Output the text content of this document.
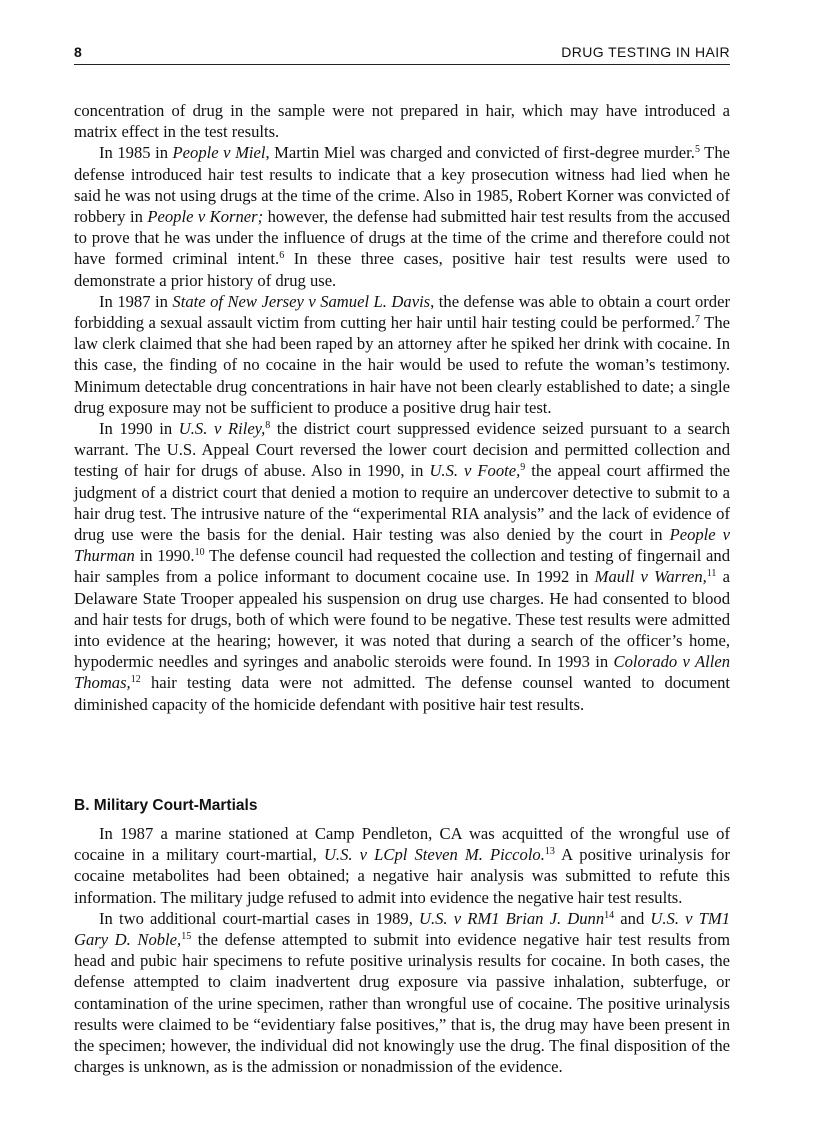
8	DRUG TESTING IN HAIR

concentration of drug in the sample were not prepared in hair, which may have introduced a matrix effect in the test results.

In 1985 in People v Miel, Martin Miel was charged and convicted of first-degree murder.$^5$ The defense introduced hair test results to indicate that a key prosecution witness had lied when he said he was not using drugs at the time of the crime. Also in 1985, Robert Korner was convicted of robbery in People v Korner; however, the defense had submitted hair test results from the accused to prove that he was under the influence of drugs at the time of the crime and therefore could not have formed criminal intent.$^6$ In these three cases, positive hair test results were used to demonstrate a prior history of drug use.

In 1987 in State of New Jersey v Samuel L. Davis, the defense was able to obtain a court order forbidding a sexual assault victim from cutting her hair until hair testing could be performed.$^7$ The law clerk claimed that she had been raped by an attorney after he spiked her drink with cocaine. In this case, the finding of no cocaine in the hair would be used to refute the woman’s testimony. Minimum detectable drug concentrations in hair have not been clearly established to date; a single drug exposure may not be sufficient to produce a positive drug hair test.

In 1990 in U.S. v Riley,$^8$ the district court suppressed evidence seized pursuant to a search warrant. The U.S. Appeal Court reversed the lower court decision and permitted collection and testing of hair for drugs of abuse. Also in 1990, in U.S. v Foote,$^9$ the appeal court affirmed the judgment of a district court that denied a motion to require an undercover detective to submit to a hair drug test. The intrusive nature of the “experimental RIA analysis” and the lack of evidence of drug use were the basis for the denial. Hair testing was also denied by the court in People v Thurman in 1990.10 The defense council had requested the collection and testing of fingernail and hair samples from a police informant to document cocaine use. In 1992 in Maull v Warren,$^{11}$ a Delaware State Trooper appealed his suspension on drug use charges. He had consented to blood and hair tests for drugs, both of which were found to be negative. These test results were admitted into evidence at the hearing; however, it was noted that during a search of the officer’s home, hypodermic needles and syringes and anabolic steroids were found. In 1993 in Colorado v Allen Thomas,$^{12}$ hair testing data were not admitted. The defense counsel wanted to document diminished capacity of the homicide defendant with positive hair test results.

B. Military Court-Martials

In 1987 a marine stationed at Camp Pendleton, CA was acquitted of the wrongful use of cocaine in a military court-martial, U.S. v LCpl Steven M. Piccolo.$^{13}$ A positive urinalysis for cocaine metabolites had been obtained; a negative hair analysis was submitted to refute this information. The military judge refused to admit into evidence the negative hair test results.

In two additional court-martial cases in 1989, U.S. v RM1 Brian J. Dunn$^{14}$ and U.S. v TM1 Gary D. Noble,$^{15}$ the defense attempted to submit into evidence negative hair test results from head and pubic hair specimens to refute positive urinalysis results for cocaine. In both cases, the defense attempted to claim inadvertent drug exposure via passive inhalation, subterfuge, or contamination of the urine specimen, rather than wrongful use of cocaine. The positive urinalysis results were claimed to be “evidentiary false positives,” that is, the drug may have been present in the specimen; however, the individual did not knowingly use the drug. The final disposition of the charges is unknown, as is the admission or nonadmission of the evidence.
